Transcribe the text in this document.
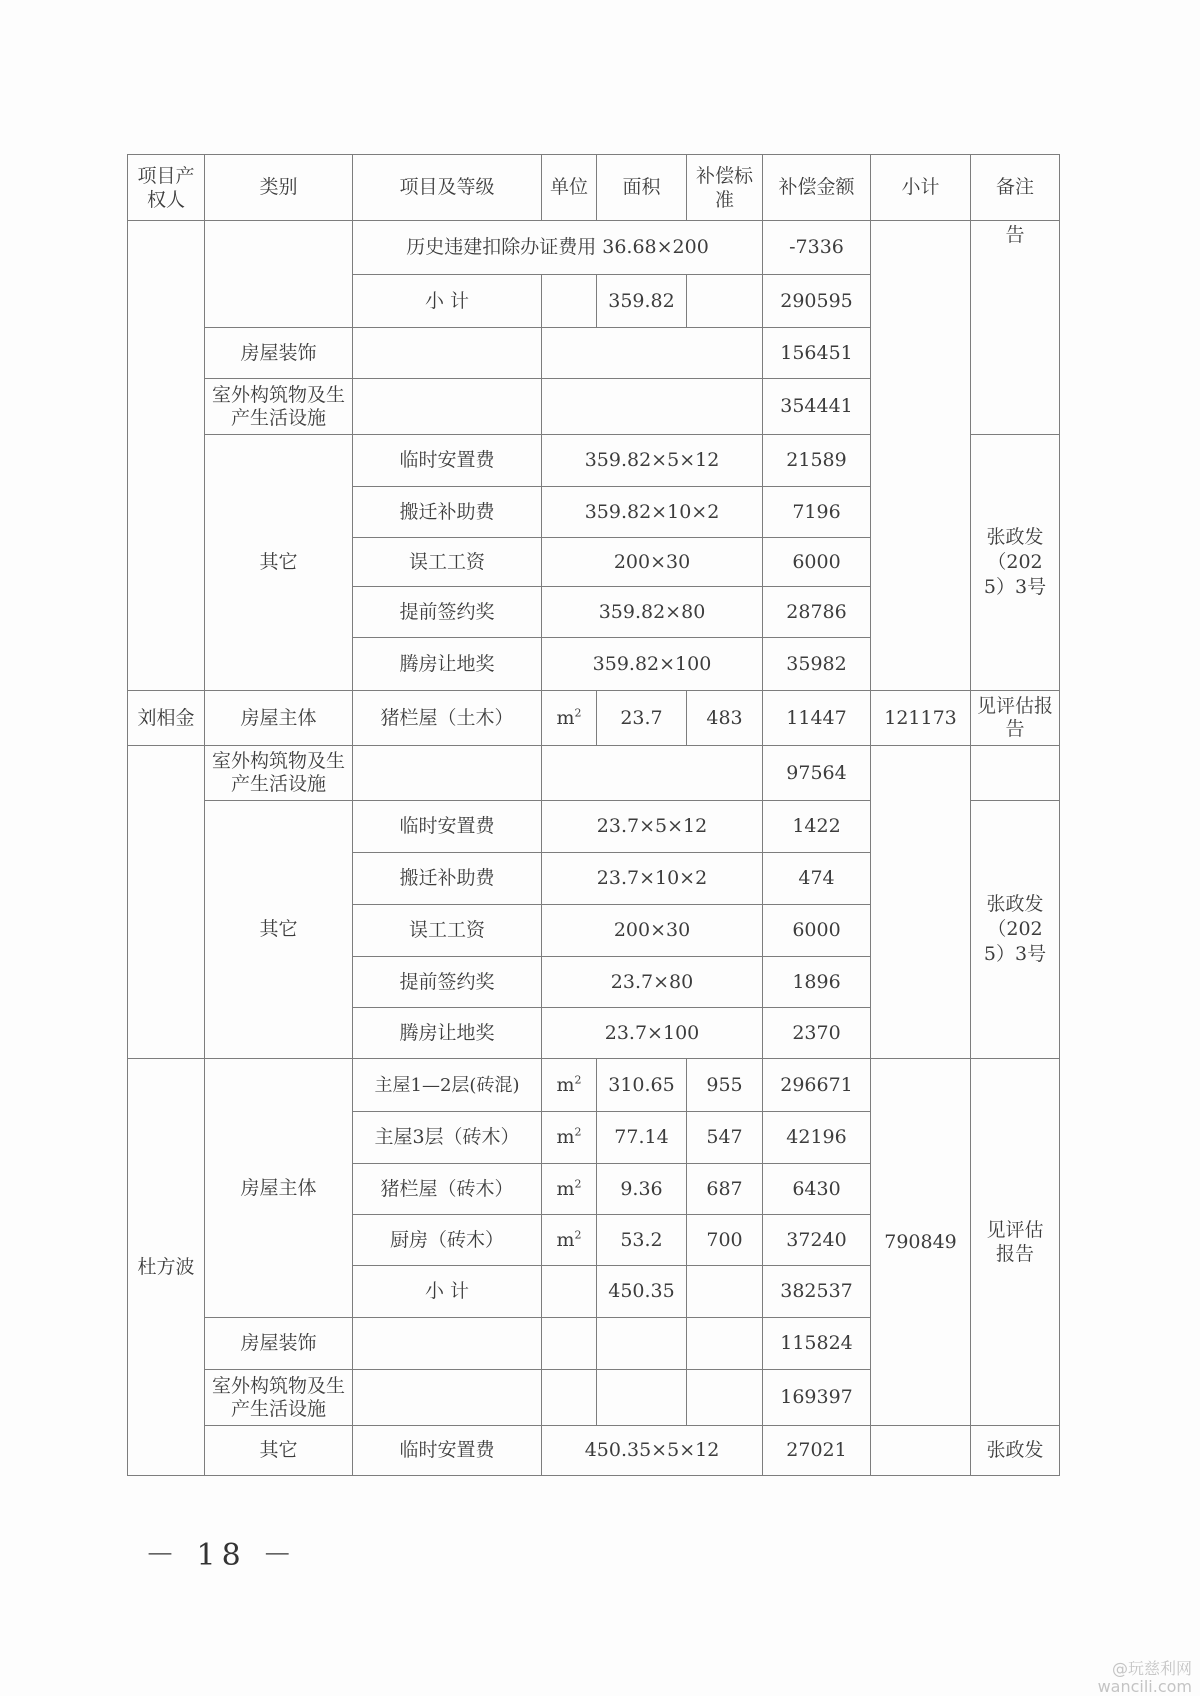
项目产权人	类别	项目及等级	单位	面积	补偿标准	补偿金额	小计	备注
		历史违建扣除办证费用 36.68×200				-7336		告
		小 计		359.82		290595		
	房屋装饰					156451		
	室外构筑物及生产生活设施					354441		
	其它	临时安置费	359.82×5×12			21589		张政发（2025）3号
		搬迁补助费	359.82×10×2			7196		
		误工工资	200×30			6000		
		提前签约奖	359.82×80			28786		
		腾房让地奖	359.82×100			35982		
刘相金	房屋主体	猪栏屋（土木）	$m^2$	23.7	483	11447	121173	见评估报告
	室外构筑物及生产生活设施					97564		
	其它	临时安置费	23.7×5×12			1422		张政发（2025）3号
		搬迁补助费	23.7×10×2			474		
		误工工资	200×30			6000		
		提前签约奖	23.7×80			1896		
		腾房让地奖	23.7×100			2370		
杜方波	房屋主体	主屋1—2层(砖混)	$m^2$	310.65	955	296671	790849	见评估报告
		主屋3层（砖木）	$m^2$	77.14	547	42196		
		猪栏屋（砖木）	$m^2$	9.36	687	6430		
		厨房（砖木）	$m^2$	53.2	700	37240		
		小 计		450.35		382537		
	房屋装饰					115824		
	室外构筑物及生产生活设施					169397		
	其它	临时安置费	450.35×5×12			27021		张政发
－ 18 －
@玩慈利网
wancili.com
